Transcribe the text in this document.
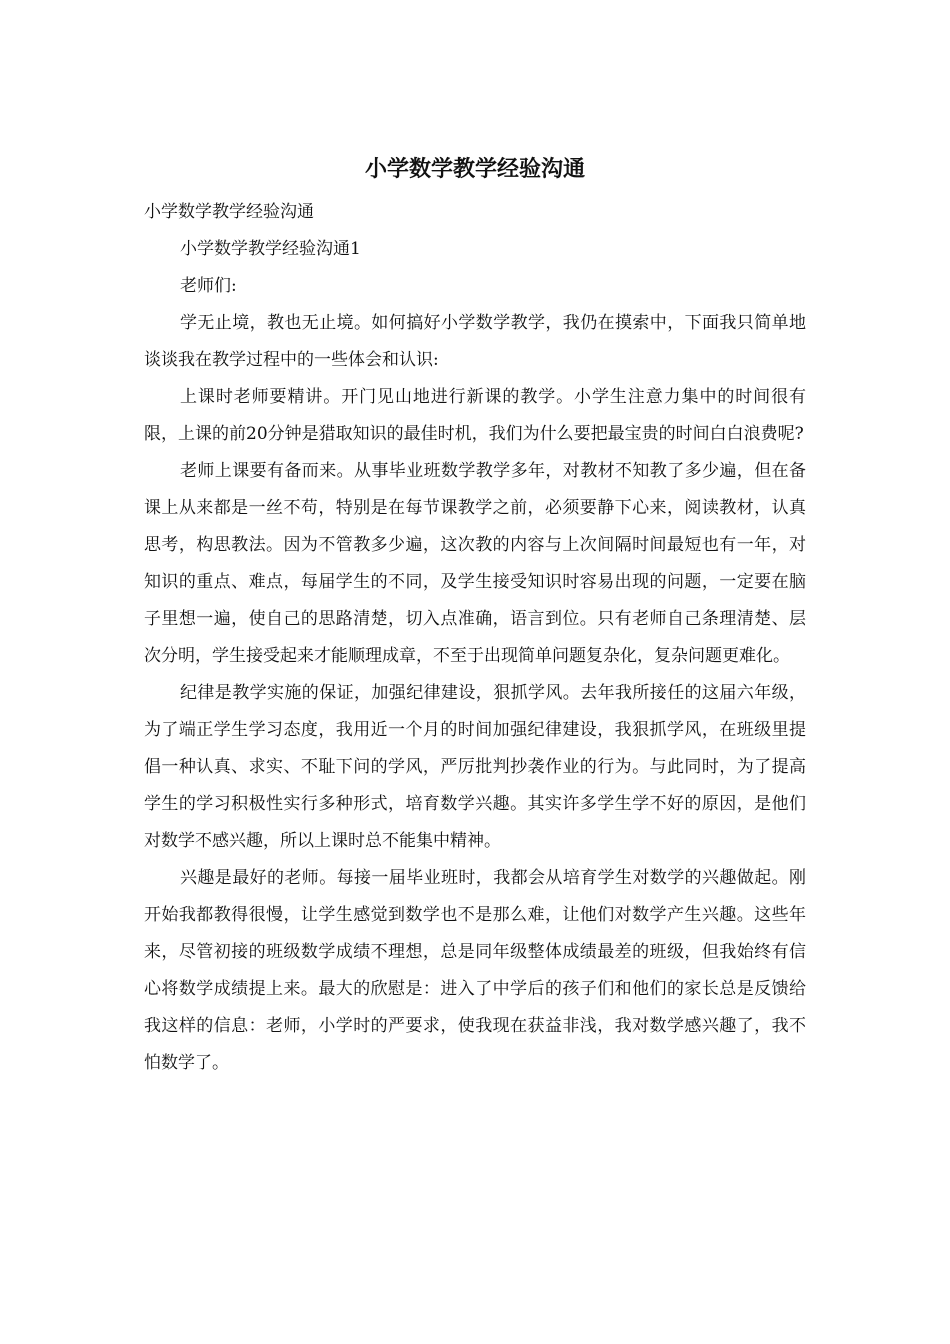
小学数学教学经验沟通

小学数学教学经验沟通

小学数学教学经验沟通1

老师们:

学无止境，教也无止境。如何搞好小学数学教学，我仍在摸索中，下面我只简单地谈谈我在教学过程中的一些体会和认识:

上课时老师要精讲。开门见山地进行新课的教学。小学生注意力集中的时间很有限，上课的前20分钟是猎取知识的最佳时机，我们为什么要把最宝贵的时间白白浪费呢?

老师上课要有备而来。从事毕业班数学教学多年，对教材不知教了多少遍，但在备课上从来都是一丝不苟，特别是在每节课教学之前，必须要静下心来，阅读教材，认真思考，构思教法。因为不管教多少遍，这次教的内容与上次间隔时间最短也有一年，对知识的重点、难点，每届学生的不同，及学生接受知识时容易出现的问题，一定要在脑子里想一遍，使自己的思路清楚，切入点准确，语言到位。只有老师自己条理清楚、层次分明，学生接受起来才能顺理成章，不至于出现简单问题复杂化，复杂问题更难化。

纪律是教学实施的保证，加强纪律建设，狠抓学风。去年我所接任的这届六年级，为了端正学生学习态度，我用近一个月的时间加强纪律建设，我狠抓学风，在班级里提倡一种认真、求实、不耻下问的学风，严厉批判抄袭作业的行为。与此同时，为了提高学生的学习积极性实行多种形式，培育数学兴趣。其实许多学生学不好的原因，是他们对数学不感兴趣，所以上课时总不能集中精神。

兴趣是最好的老师。每接一届毕业班时，我都会从培育学生对数学的兴趣做起。刚开始我都教得很慢，让学生感觉到数学也不是那么难，让他们对数学产生兴趣。这些年来，尽管初接的班级数学成绩不理想，总是同年级整体成绩最差的班级，但我始终有信心将数学成绩提上来。最大的欣慰是：进入了中学后的孩子们和他们的家长总是反馈给我这样的信息：老师，小学时的严要求，使我现在获益非浅，我对数学感兴趣了，我不怕数学了。
